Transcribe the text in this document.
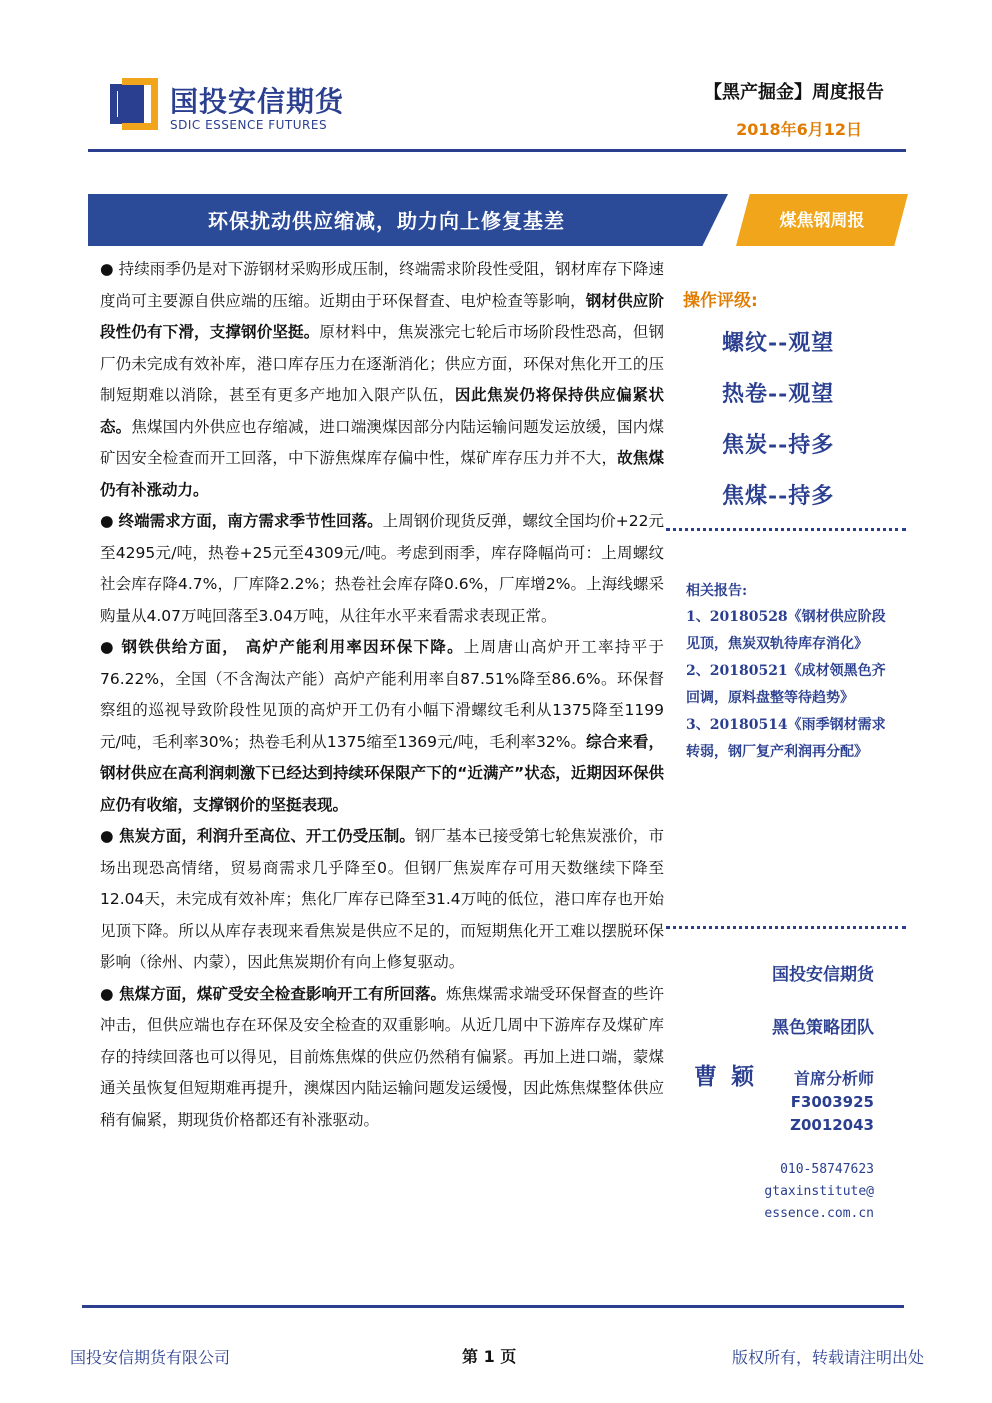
国投安信期货
SDIC ESSENCE FUTURES
【黑产掘金】周度报告
2018年6月12日
环保扰动供应缩减，助力向上修复基差	煤焦钢周报

● 持续雨季仍是对下游钢材采购形成压制，终端需求阶段性受阻，钢材库存下降速度尚可主要源自供应端的压缩。近期由于环保督查、电炉检查等影响，钢材供应阶段性仍有下滑，支撑钢价坚挺。原材料中，焦炭涨完七轮后市场阶段性恐高，但钢厂仍未完成有效补库，港口库存压力在逐渐消化；供应方面，环保对焦化开工的压制短期难以消除，甚至有更多产地加入限产队伍，因此焦炭仍将保持供应偏紧状态。焦煤国内外供应也存缩减，进口端澳煤因部分内陆运输问题发运放缓，国内煤矿因安全检查而开工回落，中下游焦煤库存偏中性，煤矿库存压力并不大，故焦煤仍有补涨动力。

● 终端需求方面，南方需求季节性回落。上周钢价现货反弹，螺纹全国均价+22元至4295元/吨，热卷+25元至4309元/吨。考虑到雨季，库存降幅尚可：上周螺纹社会库存降4.7%，厂库降2.2%；热卷社会库存降0.6%，厂库增2%。上海线螺采购量从4.07万吨回落至3.04万吨，从往年水平来看需求表现正常。

● 钢铁供给方面， 高炉产能利用率因环保下降。上周唐山高炉开工率持平于76.22%，全国（不含淘汰产能）高炉产能利用率自87.51%降至86.6%。环保督察组的巡视导致阶段性见顶的高炉开工仍有小幅下滑螺纹毛利从1375降至1199元/吨，毛利率30%；热卷毛利从1375缩至1369元/吨，毛利率32%。综合来看，钢材供应在高利润刺激下已经达到持续环保限产下的“近满产”状态，近期因环保供应仍有收缩，支撑钢价的坚挺表现。

● 焦炭方面，利润升至高位、开工仍受压制。钢厂基本已接受第七轮焦炭涨价，市场出现恐高情绪，贸易商需求几乎降至0。但钢厂焦炭库存可用天数继续下降至12.04天，未完成有效补库；焦化厂库存已降至31.4万吨的低位，港口库存也开始见顶下降。所以从库存表现来看焦炭是供应不足的，而短期焦化开工难以摆脱环保影响（徐州、内蒙），因此焦炭期价有向上修复驱动。

● 焦煤方面，煤矿受安全检查影响开工有所回落。炼焦煤需求端受环保督查的些许冲击，但供应端也存在环保及安全检查的双重影响。从近几周中下游库存及煤矿库存的持续回落也可以得见，目前炼焦煤的供应仍然稍有偏紧。再加上进口端，蒙煤通关虽恢复但短期难再提升，澳煤因内陆运输问题发运缓慢，因此炼焦煤整体供应稍有偏紧，期现货价格都还有补涨驱动。

操作评级:
螺纹--观望
热卷--观望
焦炭--持多
焦煤--持多
相关报告:
1、20180528《钢材供应阶段见顶，焦炭双轨待库存消化》
2、20180521《成材领黑色齐回调，原料盘整等待趋势》
3、20180514《雨季钢材需求转弱，钢厂复产利润再分配》
国投安信期货
黑色策略团队
曹颖 首席分析师
F3003925
Z0012043
010-58747623
gtaxinstitute@
essence.com.cn
国投安信期货有限公司	第 1 页	版权所有，转载请注明出处
